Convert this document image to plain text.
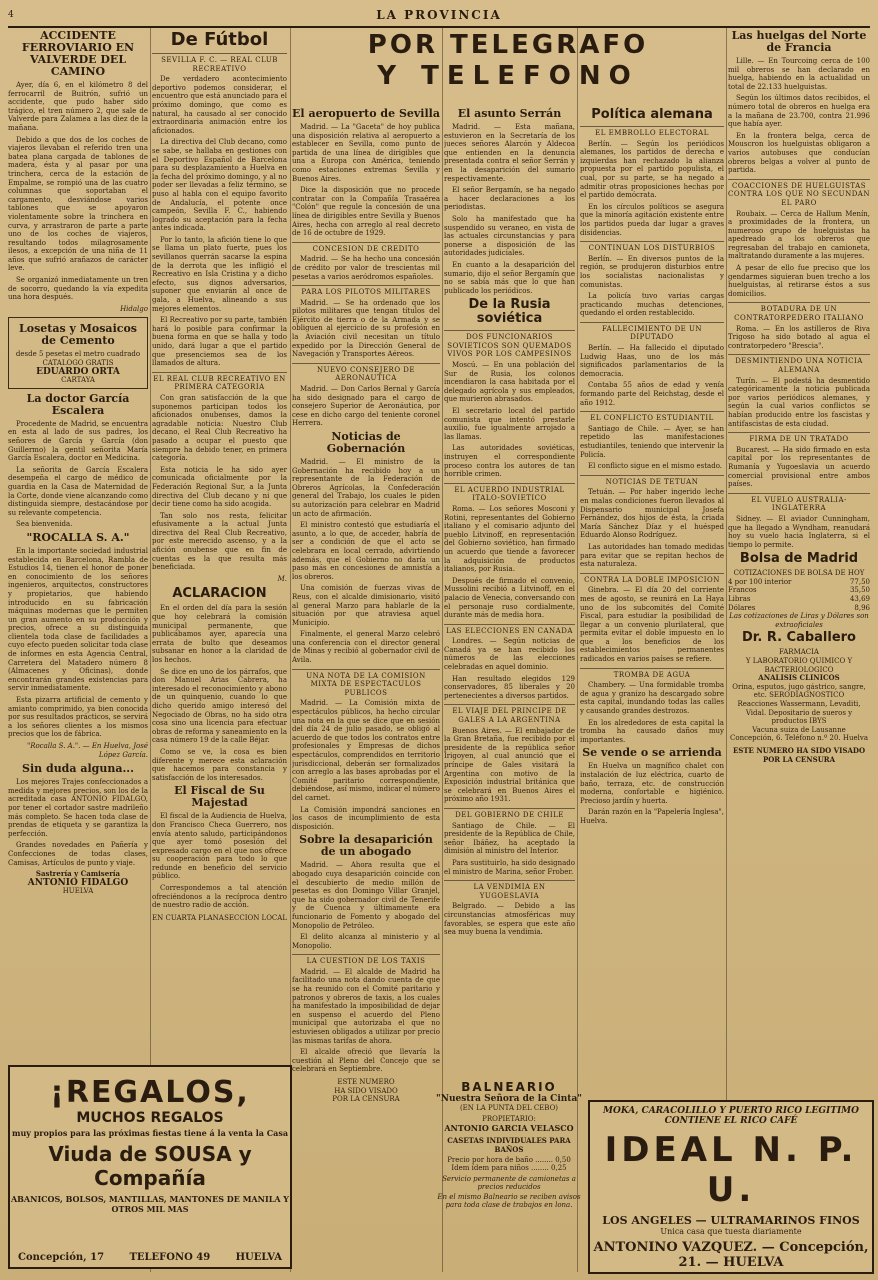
4	LA PROVINCIA
ACCIDENTE FERROVIARIO EN VALVERDE DEL CAMINO

Ayer, día 6, en el kilómetro 8 del ferrocarril de Buitrón, sufrió un accidente, que pudo haber sido trágico, el tren número 2, que sale de Valverde para Zalamea a las diez de la mañana.

Debido a que dos de los coches de viajeros llevaban el referido tren una batea plana cargada de tablones de madera, ésta y al pasar por una trinchera, cerca de la estación de Empalme, se rompió una de las cuatro columnas que soportaban el cargamento, desviándose varios tablones que se apoyaron violentamente sobre la trinchera en curva, y arrastraron de parte a parte uno de los coches de viajeros, resultando todos milagrosamente ilesos, a excepción de una niña de 11 años que sufrió arañazos de carácter leve.

Se organizó inmediatamente un tren de socorro, quedando la vía expedita una hora después.

Hidalgo
Losetas y Mosaicos de Cemento
desde 5 pesetas el metro cuadrado
CATALOGO GRATIS
EDUARDO ORTA
CARTAYA
La doctor García Escalera

Procedente de Madrid, se encuentra en esta al lado de sus padres, los señores de García y García (don Guillermo) la gentil señorita María García Escalera, doctor en Medicina.

La señorita de García Escalera desempeña el cargo de médico de guardia en la Casa de Maternidad de la Corte, donde viene alcanzando como distinguida siempre, destacándose por su relevante competencia.

Sea bienvenida.

"ROCALLA S. A."

En la importante sociedad industrial establecida en Barcelona, Rambla de Estudios 14, tienen el honor de poner en conocimiento de los señores ingenieros, arquitectos, constructores y propietarios, que habiendo introducido en su fabricación máquinas modernas que le permiten un gran aumento en su producción y precios, ofrece a su distinguida clientela toda clase de facilidades a cuyo efecto pueden solicitar toda clase de informes en esta Agencia Central, Carretera del Matadero número 8 (Almacenes y Oficinas), donde encontrarán grandes existencias para servir inmediatamente.

Esta pizarra artificial de cemento y amianto comprimido, ya bien conocida por sus resultados prácticos, se servirá a los señores clientes a los mismos precios que los de fábrica.

"Rocalla S. A.". — En Huelva, José López García.
Sin duda alguna...

Los mejores Trajes confeccionados a medida y mejores precios, son los de la acreditada casa ANTONIO FIDALGO, por tener el cortador sastre madrileño más completo. Se hacen toda clase de prendas de etiqueta y se garantiza la perfección.

Grandes novedades en Pañería y Confecciones de todas clases, Camisas, Artículos de punto y viaje.

Sastrería y Camisería
ANTONIO FIDALGO
HUELVA
De Fútbol
SEVILLA F. C. — REAL CLUB RECREATIVO

De verdadero acontecimiento deportivo podemos considerar, el encuentro que está anunciado para el próximo domingo, que como es natural, ha causado al ser conocido extraordinaria animación entre los aficionados.

La directiva del Club decano, como se sabe, se hallaba en gestiones con el Deportivo Español de Barcelona para su desplazamiento a Huelva en la fecha del próximo domingo, y al no poder ser llevadas a feliz término, se puso al habla con el equipo favorito de Andalucía, el potente once campeón, Sevilla F. C., habiendo logrado su aceptación para la fecha antes indicada.

Por lo tanto, la afición tiene lo que se llama un plato fuerte, pues los sevillanos querrán sacarse la espina de la derrota que les infligió el Recreativo en Isla Cristina y a dicho efecto, sus dignos adversarios, suponer que enviarán al once de gala, a Huelva, alineando a sus mejores elementos.

El Recreativo por su parte, también hará lo posible para confirmar la buena forma en que se halla y todo unido, dará lugar a que el partido que presenciemos sea de los llamados de altura.

EL REAL CLUB RECREATIVO EN PRIMERA CATEGORIA

Con gran satisfacción de la que suponemos participan todos los aficionados onubenses, damos la agradable noticia: Nuestro Club decano, el Real Club Recreativo ha pasado a ocupar el puesto que siempre ha debido tener, en primera categoría.

Esta noticia le ha sido ayer comunicada oficialmente por la Federación Regional Sur, a la Junta directiva del Club decano y ni que decir tiene como ha sido acogida.

Tan solo nos resta, felicitar efusivamente a la actual Junta directiva del Real Club Recreativo, por este merecido ascenso, y a la afición onubense que en fin de cuentas es la que resulta más beneficiada.

M.
ACLARACION

En el orden del día para la sesión que hoy celebrará la comisión municipal permanente, que publicábamos ayer, aparecía una errata de bulto que deseamos subsanar en honor a la claridad de los hechos.

Se dice en uno de los párrafos, que don Manuel Arias Cabrera, ha interesado el reconocimiento y abono de un quinquenio, cuando lo que dicho querido amigo interesó del Negociado de Obras, no ha sido otra cosa sino una licencia para efectuar obras de reforma y saneamiento en la casa número 19 de la calle Béjar.

Como se ve, la cosa es bien diferente y merece esta aclaración que hacemos para constancia y satisfacción de los interesados.

El Fiscal de Su Majestad

El fiscal de la Audiencia de Huelva, don Francisco Checa Guerrero, nos envía atento saludo, participándonos que ayer tomó posesión del expresado cargo en el que nos ofrece su cooperación para todo lo que redunde en beneficio del servicio público.

Correspondemos a tal atención ofreciéndonos a la recíproca dentro de nuestro radio de acción.

EN CUARTA PLANA SECCION LOCAL
POR TELEGRAFO
Y TELEFONO
El aeropuerto de Sevilla

Madrid. — La "Gaceta" de hoy publica una disposición relativa al aeropuerto a establecer en Sevilla, como punto de partida de una línea de dirigibles que una a Europa con América, teniendo como estaciones extremas Sevilla y Buenos Aires.

Dice la disposición que no procede contratar con la Compañía Trasaérea "Colón" que regule la concesión de una línea de dirigibles entre Sevilla y Buenos Aires, hecha con arreglo al real decreto de 16 de octubre de 1929.

CONCESION DE CREDITO

Madrid. — Se ha hecho una concesión de crédito por valor de trescientas mil pesetas a varios aeródromos españoles.

PARA LOS PILOTOS MILITARES

Madrid. — Se ha ordenado que los pilotos militares que tengan títulos del Ejército de tierra o de la Armada y se obliguen al ejercicio de su profesión en la Aviación civil necesitan un título expedido por la Dirección General de Navegación y Transportes Aéreos.

NUEVO CONSEJERO DE AERONAUTICA

Madrid. — Don Carlos Bernal y García ha sido designado para el cargo de consejero Superior de Aeronáutica, por cese en dicho cargo del teniente coronel Herrera.

Noticias de Gobernación

Madrid. — El ministro de la Gobernación ha recibido hoy a un representante de la Federación de Obreros Agrícolas, la Confederación general del Trabajo, los cuales le piden su autorización para celebrar en Madrid un acto de afirmación.

El ministro contestó que estudiaría el asunto, a lo que, de acceder, habría de ser a condición de que el acto se celebrara en local cerrado, advirtiendo además, que el Gobierno no daría un paso más en concesiones de amnistía a los obreros.

Una comisión de fuerzas vivas de Reus, con el alcalde dimisionario, visitó al general Marzo para hablarle de la situación por que atraviesa aquel Municipio.

Finalmente, el general Marzo celebró una conferencia con el director general de Minas y recibió al gobernador civil de Avila.

UNA NOTA DE LA COMISION MIXTA DE ESPECTACULOS PUBLICOS

Madrid. — La Comisión mixta de espectáculos públicos, ha hecho circular una nota en la que se dice que en sesión del día 24 de julio pasado, se obligó al acuerdo de que todos los contratos entre profesionales y Empresas de dichos espectáculos, comprendidos en territorio jurisdiccional, deberán ser formalizados con arreglo a las bases aprobadas por el Comité paritario correspondiente, debiéndose, así mismo, indicar el número del carnet.

La Comisión impondrá sanciones en los casos de incumplimiento de esta disposición.

Sobre la desaparición de un abogado

Madrid. — Ahora resulta que el abogado cuya desaparición coincide con el descubierto de medio millón de pesetas es don Domingo Villar Granjel, que ha sido gobernador civil de Tenerife y de Cuenca y últimamente era funcionario de Fomento y abogado del Monopolio de Petróleo.

El delito alcanza al ministerio y al Monopolio.

LA CUESTION DE LOS TAXIS

Madrid. — El alcalde de Madrid ha facilitado una nota dando cuenta de que se ha reunido con el Comité paritario y patronos y obreros de taxis, a los cuales ha manifestado la imposibilidad de dejar en suspenso el acuerdo del Pleno municipal que autorizaba el que no estuviesen obligados a utilizar por precio las mismas tarifas de ahora.

El alcalde ofreció que llevaría la cuestión al Pleno del Concejo que se celebrará en Septiembre.

ESTE NUMERO
HA SIDO VISADO
POR LA CENSURA
El asunto Serrán

Madrid. — Esta mañana, estuvieron en la Secretaría de los jueces señores Alarcón y Aldecoa que entienden en la denuncia presentada contra el señor Serrán y en la desaparición del sumario respectivamente.

El señor Bergamín, se ha negado a hacer declaraciones a los periodistas.

Solo ha manifestado que ha suspendido su veraneo, en vista de las actuales circunstancias y para ponerse a disposición de las autoridades judiciales.

En cuanto a la desaparición del sumario, dijo el señor Bergamín que no se sabía más que lo que han publicado los periódicos.

De la Rusia soviética
DOS FUNCIONARIOS SOVIETICOS SON QUEMADOS VIVOS POR LOS CAMPESINOS

Moscú. — En una población del Sur de Rusia, los colonos incendiaron la casa habitada por el delegado agrícola y sus empleados, que murieron abrasados.

El secretario local del partido comunista que intentó prestarle auxilio, fue igualmente arrojado a las llamas.

Las autoridades soviéticas, instruyen el correspondiente proceso contra los autores de tan horrible crimen.

EL ACUERDO INDUSTRIAL ITALO-SOVIETICO

Roma. — Los señores Mosconi y Rotini, representantes del Gobierno italiano y el comisario adjunto del pueblo Litvinoff, en representación del Gobierno soviético, han firmado un acuerdo que tiende a favorecer la adquisición de productos italianos, por Rusia.

Después de firmado el convenio, Mussolini recibió a Litvinoff, en el palacio de Venecia, conversando con el personaje ruso cordialmente, durante más de media hora.

LAS ELECCIONES EN CANADA

Londres. — Según noticias de Canadá ya se han recibido los números de las elecciones celebradas en aquel dominio.

Han resultado elegidos 129 conservadores, 85 liberales y 20 pertenecientes a diversos partidos.

EL VIAJE DEL PRINCIPE DE GALES A LA ARGENTINA

Buenos Aires. — El embajador de la Gran Bretaña, fue recibido por el presidente de la república señor Irigoyen, al cual anunció que el príncipe de Gales visitará la Argentina con motivo de la Exposición industrial británica que se celebrará en Buenos Aires el próximo año 1931.

DEL GOBIERNO DE CHILE

Santiago de Chile. — El presidente de la República de Chile, señor Ibáñez, ha aceptado la dimisión al ministro del Interior.

Para sustituirlo, ha sido designado el ministro de Marina, señor Frober.

LA VENDIMIA EN YUGOESLAVIA

Belgrado. — Debido a las circunstancias atmosféricas muy favorables, se espera que este año sea muy buena la vendimia.

BALNEARIO
"Nuestra Señora de la Cinta"
(EN LA PUNTA DEL CEBO)
PROPIETARIO:
ANTONIO GARCIA VELASCO
CASETAS INDIVIDUALES PARA BAÑOS
Precio por hora de baño ........ 0,50
Idem ídem para niños ........ 0,25
Servicio permanente de camionetas a precios reducidos
En el mismo Balneario se reciben avisos para toda clase de trabajos en lona.
Política alemana
EL EMBROLLO ELECTORAL

Berlín. — Según los periódicos alemanes, los partidos de derecha e izquierdas han rechazado la alianza propuesta por el partido populista, el cual, por su parte, se ha negado a admitir otras proposiciones hechas por el partido demócrata.

En los círculos políticos se asegura que la minoría agitación existente entre los partidos pueda dar lugar a graves disidencias.

CONTINUAN LOS DISTURBIOS

Berlín. — En diversos puntos de la región, se produjeron disturbios entre los socialistas nacionalistas y comunistas.

La policía tuvo varias cargas practicando muchas detenciones, quedando el orden restablecido.

FALLECIMIENTO DE UN DIPUTADO

Berlín. — Ha fallecido el diputado Ludwig Haas, uno de los más significados parlamentarios de la democracia.

Contaba 55 años de edad y venía formando parte del Reichstag, desde el año 1912.

EL CONFLICTO ESTUDIANTIL

Santiago de Chile. — Ayer, se han repetido las manifestaciones estudiantiles, teniendo que intervenir la Policía.

El conflicto sigue en el mismo estado.

NOTICIAS DE TETUAN

Tetuán. — Por haber ingerido leche en malas condiciones fueron llevados al Dispensario municipal Josefa Fernández, dos hijos de ésta, la criada María Sánchez Díaz y el huésped Eduardo Alonso Rodríguez.

Las autoridades han tomado medidas para evitar que se repitan hechos de esta naturaleza.

CONTRA LA DOBLE IMPOSICION

Ginebra. — El día 20 del corriente mes de agosto, se reunirá en La Haya uno de los subcomités del Comité Fiscal, para estudiar la posibilidad de llegar a un convenio plurilateral, que permita evitar el doble impuesto en lo que a los beneficios de los establecimientos permanentes radicados en varios países se refiere.

TROMBA DE AGUA

Chambery. — Una formidable tromba de agua y granizo ha descargado sobre esta capital, inundando todas las calles y causando grandes destrozos.

En los alrededores de esta capital la tromba ha causado daños muy importantes.

Se vende o se arrienda

En Huelva un magnífico chalet con instalación de luz eléctrica, cuarto de baño, terraza, etc. de construcción moderna, confortable e higiénico. Precioso jardín y huerta.

Darán razón en la "Papelería Inglesa", Huelva.

Las huelgas del Norte de Francia

Lille. — En Tourcoing cerca de 100 mil obreros se han declarado en huelga, habiendo en la actualidad un total de 22.133 huelguistas.

Según los últimos datos recibidos, el número total de obreros en huelga era a la mañana de 23.700, contra 21.996 que había ayer.

En la frontera belga, cerca de Mouscron los huelguistas obligaron a varios autobuses que conducían obreros belgas a volver al punto de partida.

COACCIONES DE HUELGUISTAS CONTRA LOS QUE NO SECUNDAN EL PARO

Roubaix. — Cerca de Hallum Menín, a proximidades de la frontera, un numeroso grupo de huelguistas ha apedreado a los obreros que regresaban del trabajo en camioneta, maltratando duramente a las mujeres.

A pesar de ello fue preciso que los gendarmes siguieran buen trecho a los huelguistas, al retirarse éstos a sus domicilios.

BOTADURA DE UN CONTRATORPEDERO ITALIANO

Roma. — En los astilleros de Riva Trigoso ha sido botado al agua el contratorpedero "Brescia".

DESMINTIENDO UNA NOTICIA ALEMANA

Turín. — El podestá ha desmentido categóricamente la noticia publicada por varios periódicos alemanes, y según la cual varios conflictos se habían producido entre los fascistas y antifascistas de esta ciudad.

FIRMA DE UN TRATADO

Bucarest. — Ha sido firmado en esta capital por los representantes de Rumanía y Yugoeslavia un acuerdo comercial provisional entre ambos países.

EL VUELO AUSTRALIA-INGLATERRA

Sidney. — El aviador Cunningham, que ha llegado a Wyndham, reanudará hoy su vuelo hacia Inglaterra, si el tiempo lo permite.

Bolsa de Madrid
COTIZACIONES DE BOLSA DE HOY
4 por 100 interior	77,50
Francos	35,50
Libras	43,69
Dólares	8,96
Las cotizaciones de Liras y Dólares son extraoficiales
Dr. R. Caballero
FARMACIA
Y LABORATORIO QUIMICO Y BACTERIOLOGICO
ANALISIS CLINICOS
Orina, esputos, jugo gástrico, sangre, etc. SERODIAGNOSTICO
Reacciones Wassermann, Levaditi, Vidal. Depositario de sueros y productos IBYS
Vacuna suiza de Lausanne
Concepción, 6. Teléfono n.º 20. Huelva
ESTE NUMERO HA SIDO VISADO POR LA CENSURA
¡REGALOS,
MUCHOS REGALOS
muy propios para las próximas fiestas tiene á la venta la Casa
Viuda de SOUSA y Compañía
ABANICOS, BOLSOS, MANTILLAS, MANTONES DE MANILA Y OTROS MIL MAS
Concepción, 17	TELEFONO 49	HUELVA
MOKA, CARACOLILLO Y PUERTO RICO LEGITIMO CONTIENE EL RICO CAFÉ
IDEAL N. P. U.
LOS ANGELES — ULTRAMARINOS FINOS
Unica casa que tuesta diariamente
ANTONINO VAZQUEZ. — Concepción, 21. — HUELVA
